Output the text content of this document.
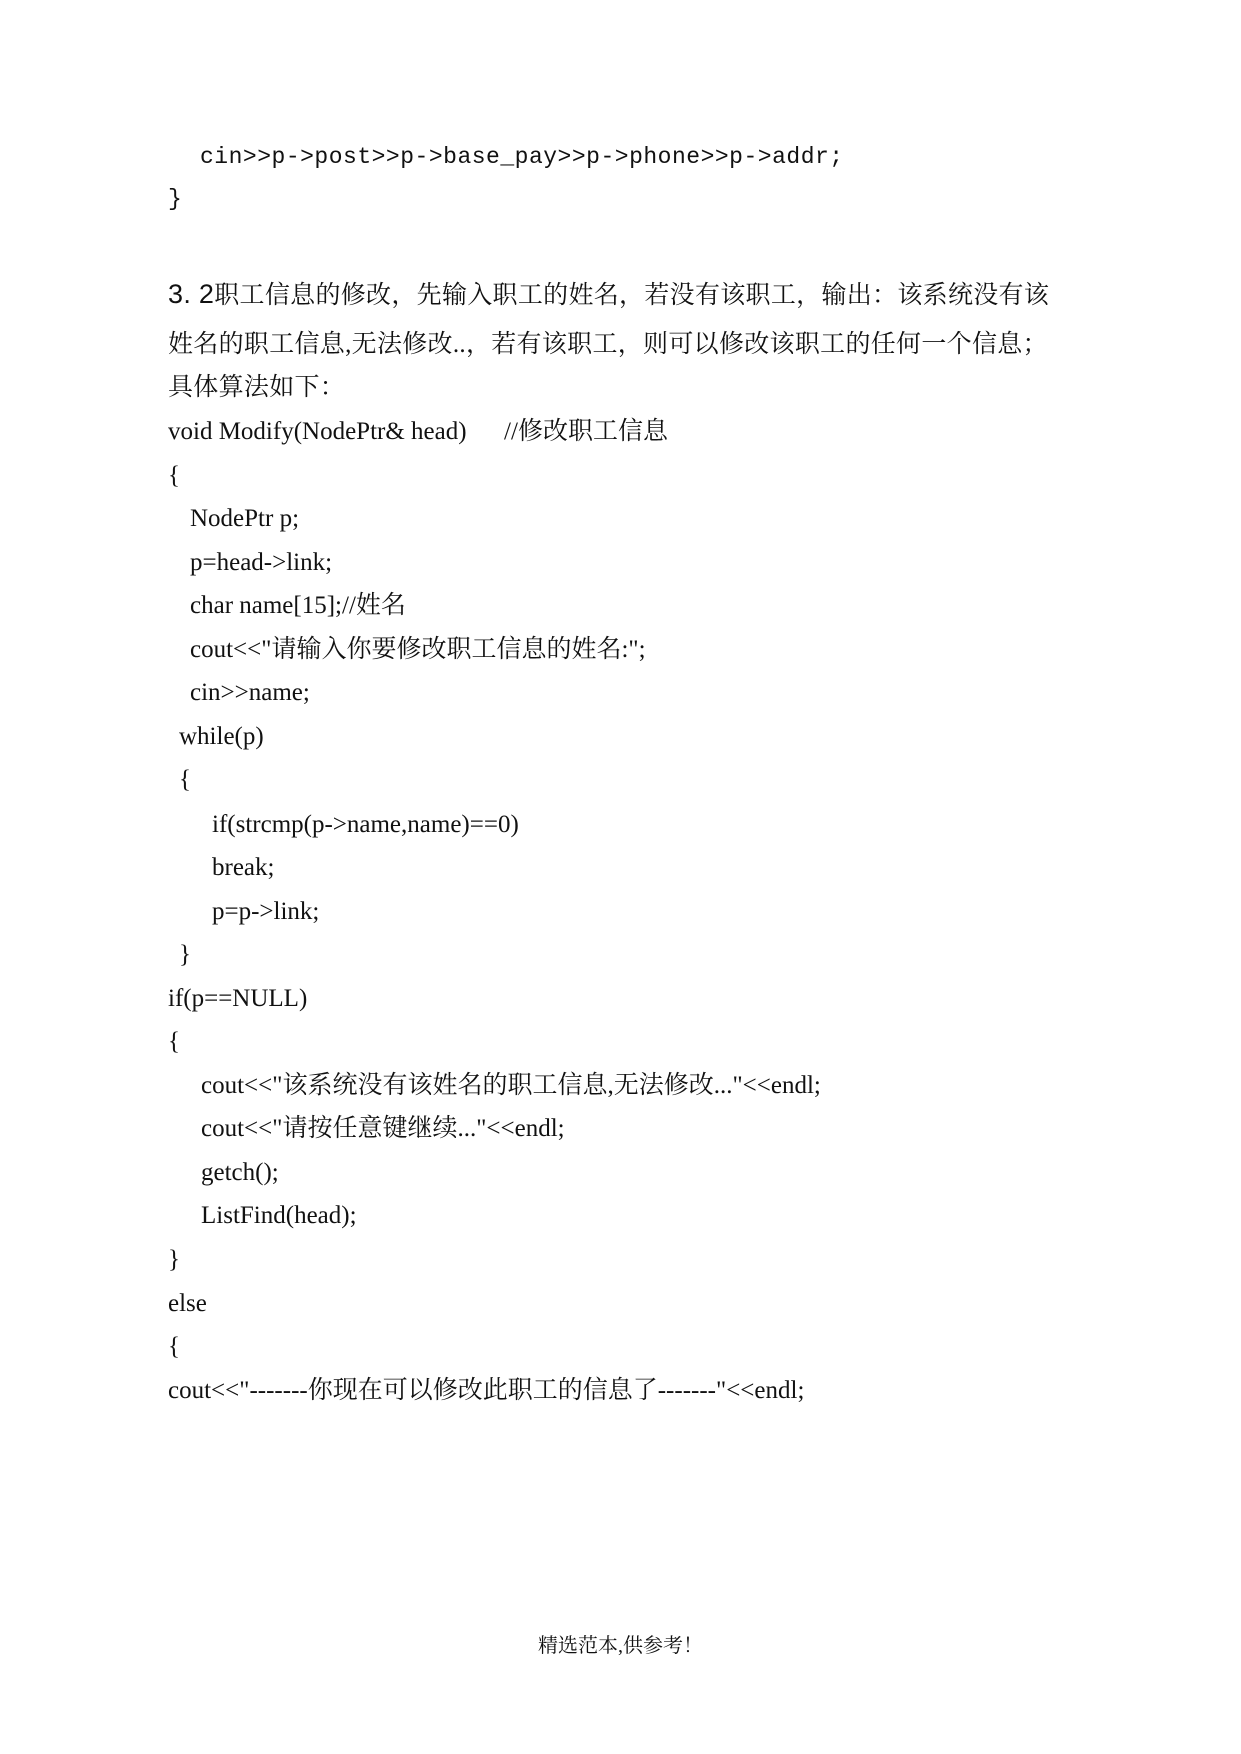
cin>>p->post>>p->base_pay>>p->phone>>p->addr;
}
3. 2职工信息的修改，先输入职工的姓名，若没有该职工，输出：该系统没有该
姓名的职工信息,无法修改..，若有该职工，则可以修改该职工的任何一个信息；
具体算法如下：
void Modify(NodePtr& head)      //修改职工信息
{
NodePtr p;
p=head->link;
char name[15];//姓名
cout<<"请输入你要修改职工信息的姓名:";
cin>>name;
while(p)
{
if(strcmp(p->name,name)==0)
break;
p=p->link;
}
if(p==NULL)
{
cout<<"该系统没有该姓名的职工信息,无法修改..."<<endl;
cout<<"请按任意键继续..."<<endl;
getch();
ListFind(head);
}
else
{
cout<<"-------你现在可以修改此职工的信息了-------"<<endl;
精选范本,供参考！
